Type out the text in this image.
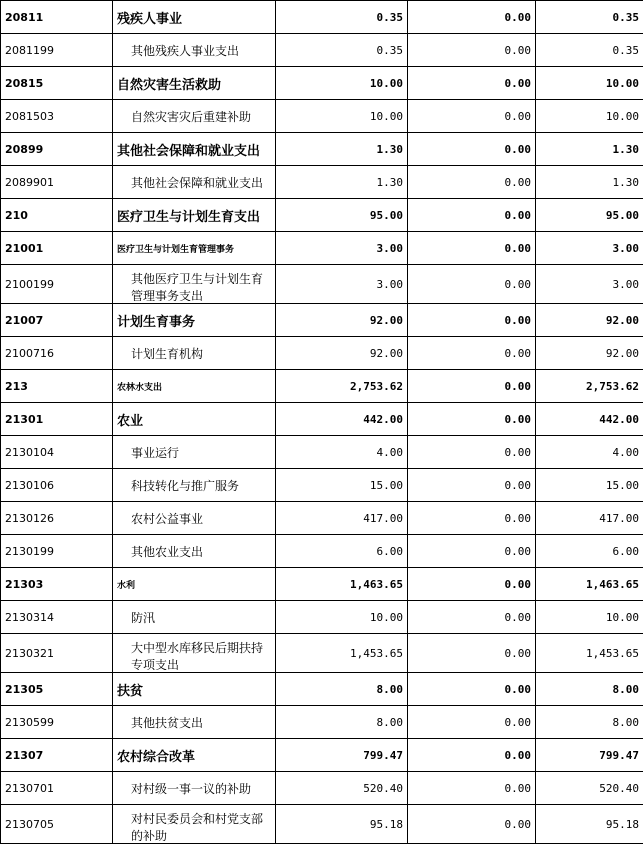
20811	残疾人事业	0.35	0.00	0.35
2081199	其他残疾人事业支出	0.35	0.00	0.35
20815	自然灾害生活救助	10.00	0.00	10.00
2081503	自然灾害灾后重建补助	10.00	0.00	10.00
20899	其他社会保障和就业支出	1.30	0.00	1.30
2089901	其他社会保障和就业支出	1.30	0.00	1.30
210	医疗卫生与计划生育支出	95.00	0.00	95.00
21001	医疗卫生与计划生育管理事务	3.00	0.00	3.00
2100199	其他医疗卫生与计划生育管理事务支出	3.00	0.00	3.00
21007	计划生育事务	92.00	0.00	92.00
2100716	计划生育机构	92.00	0.00	92.00
213	农林水支出	2,753.62	0.00	2,753.62
21301	农业	442.00	0.00	442.00
2130104	事业运行	4.00	0.00	4.00
2130106	科技转化与推广服务	15.00	0.00	15.00
2130126	农村公益事业	417.00	0.00	417.00
2130199	其他农业支出	6.00	0.00	6.00
21303	水利	1,463.65	0.00	1,463.65
2130314	防汛	10.00	0.00	10.00
2130321	大中型水库移民后期扶持专项支出	1,453.65	0.00	1,453.65
21305	扶贫	8.00	0.00	8.00
2130599	其他扶贫支出	8.00	0.00	8.00
21307	农村综合改革	799.47	0.00	799.47
2130701	对村级一事一议的补助	520.40	0.00	520.40
2130705	对村民委员会和村党支部的补助	95.18	0.00	95.18
